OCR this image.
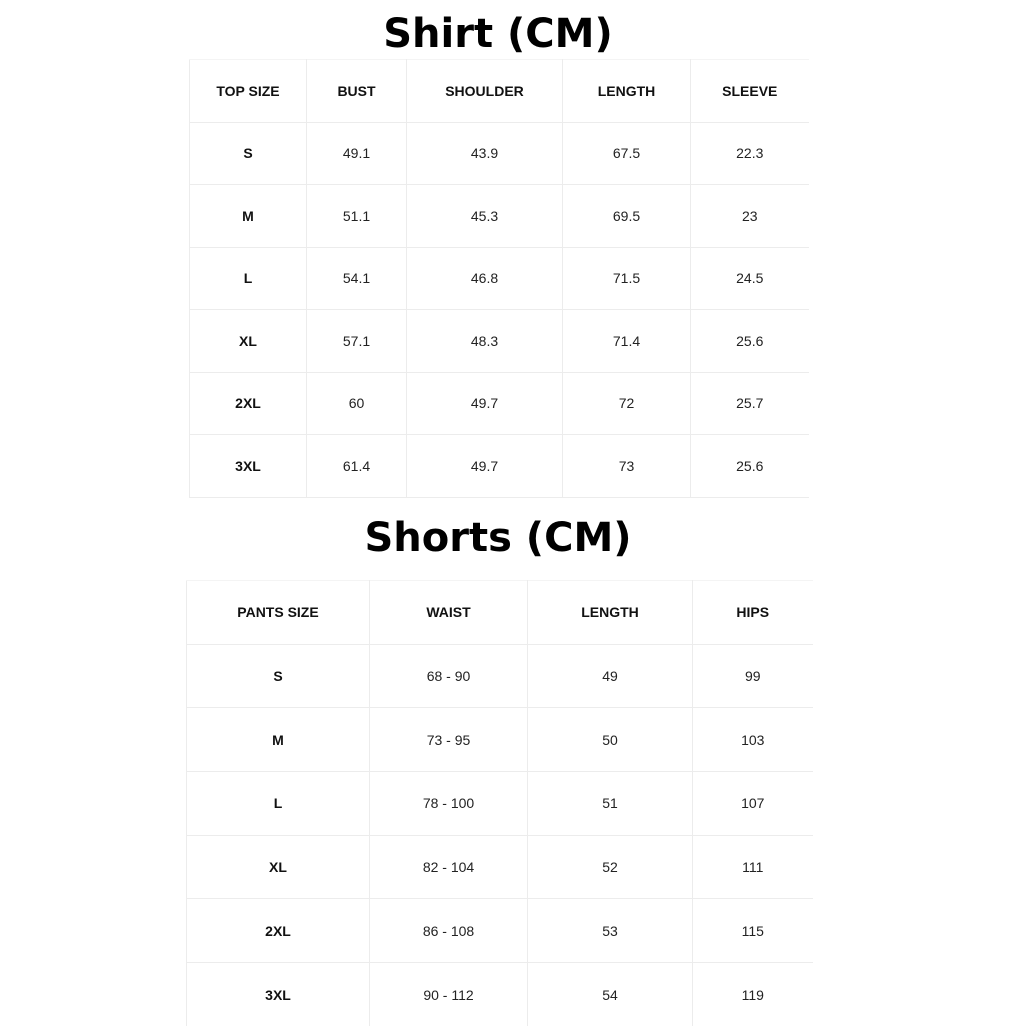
Shirt (CM)
TOP SIZE	BUST	SHOULDER	LENGTH	SLEEVE
S	49.1	43.9	67.5	22.3
M	51.1	45.3	69.5	23
L	54.1	46.8	71.5	24.5
XL	57.1	48.3	71.4	25.6
2XL	60	49.7	72	25.7
3XL	61.4	49.7	73	25.6
Shorts (CM)
PANTS SIZE	WAIST	LENGTH	HIPS
S	68 - 90	49	99
M	73 - 95	50	103
L	78 - 100	51	107
XL	82 - 104	52	111
2XL	86 - 108	53	115
3XL	90 - 112	54	119
